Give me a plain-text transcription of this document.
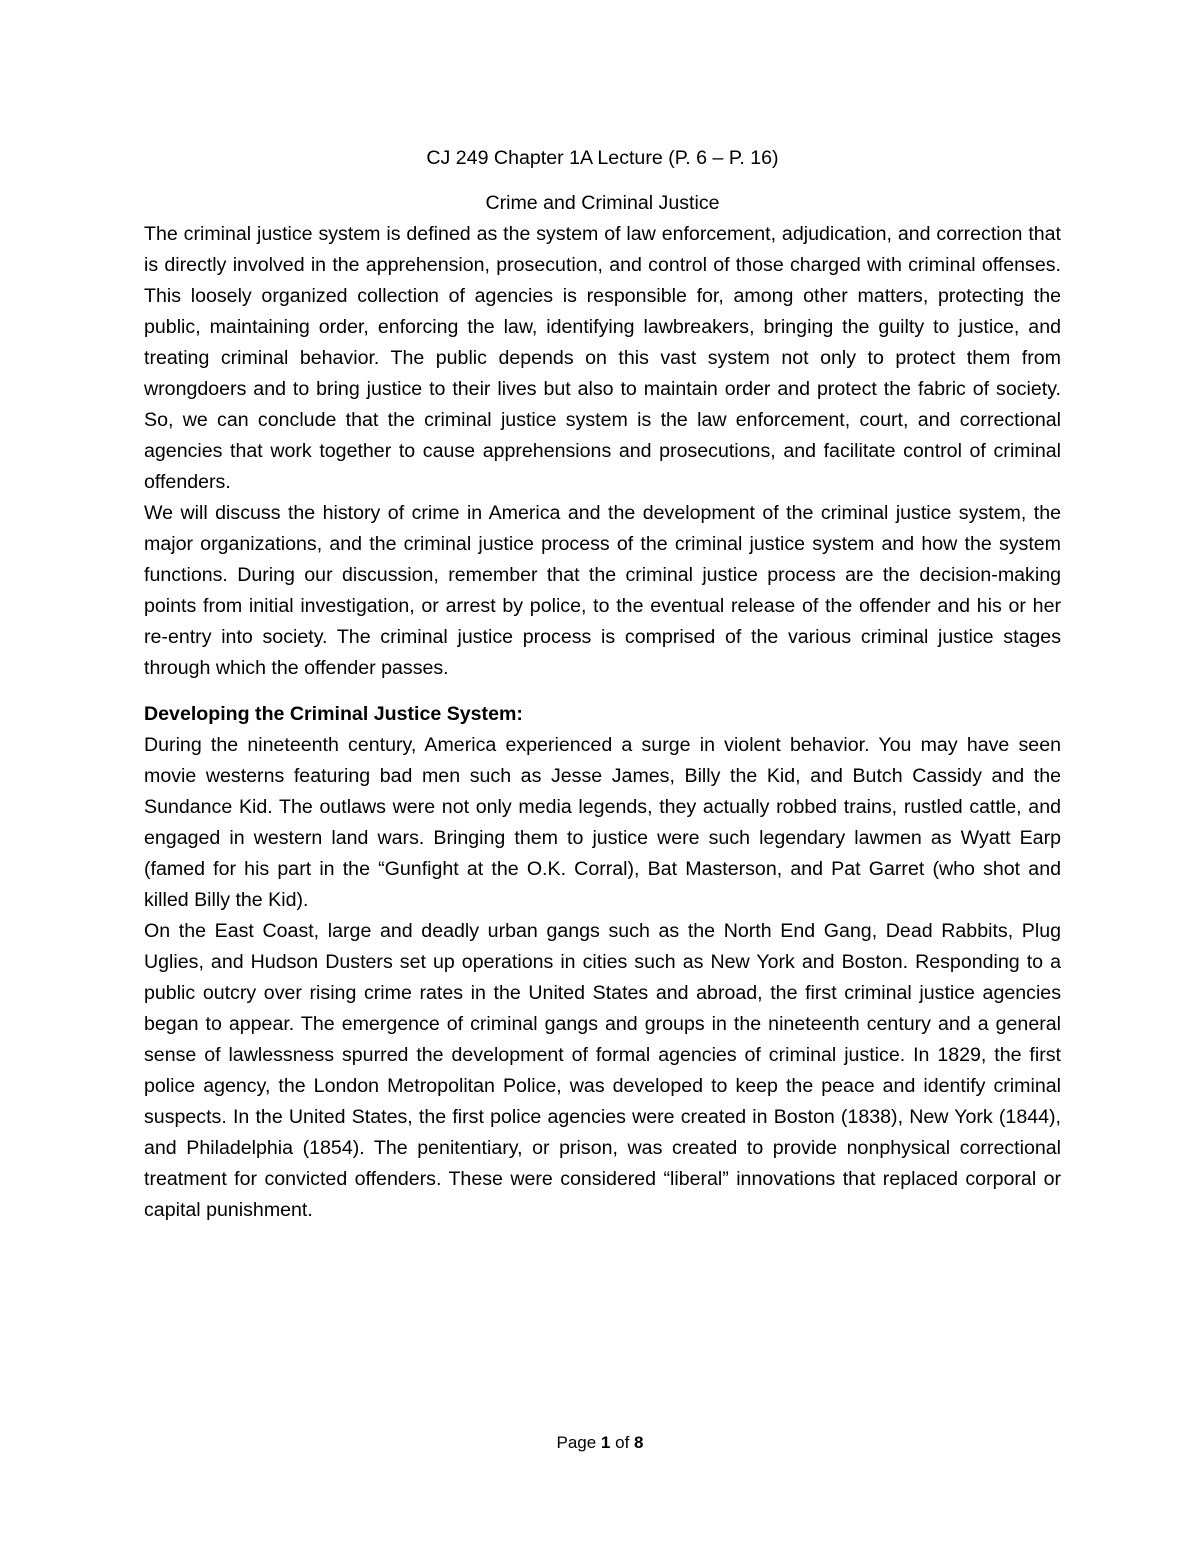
CJ 249 Chapter 1A Lecture (P. 6 – P. 16)
Crime and Criminal Justice

The criminal justice system is defined as the system of law enforcement, adjudication, and correction that is directly involved in the apprehension, prosecution, and control of those charged with criminal offenses. This loosely organized collection of agencies is responsible for, among other matters, protecting the public, maintaining order, enforcing the law, identifying lawbreakers, bringing the guilty to justice, and treating criminal behavior. The public depends on this vast system not only to protect them from wrongdoers and to bring justice to their lives but also to maintain order and protect the fabric of society. So, we can conclude that the criminal justice system is the law enforcement, court, and correctional agencies that work together to cause apprehensions and prosecutions, and facilitate control of criminal offenders.

We will discuss the history of crime in America and the development of the criminal justice system, the major organizations, and the criminal justice process of the criminal justice system and how the system functions. During our discussion, remember that the criminal justice process are the decision-making points from initial investigation, or arrest by police, to the eventual release of the offender and his or her re-entry into society. The criminal justice process is comprised of the various criminal justice stages through which the offender passes.

Developing the Criminal Justice System:

During the nineteenth century, America experienced a surge in violent behavior. You may have seen movie westerns featuring bad men such as Jesse James, Billy the Kid, and Butch Cassidy and the Sundance Kid. The outlaws were not only media legends, they actually robbed trains, rustled cattle, and engaged in western land wars. Bringing them to justice were such legendary lawmen as Wyatt Earp (famed for his part in the “Gunfight at the O.K. Corral), Bat Masterson, and Pat Garret (who shot and killed Billy the Kid).

On the East Coast, large and deadly urban gangs such as the North End Gang, Dead Rabbits, Plug Uglies, and Hudson Dusters set up operations in cities such as New York and Boston. Responding to a public outcry over rising crime rates in the United States and abroad, the first criminal justice agencies began to appear. The emergence of criminal gangs and groups in the nineteenth century and a general sense of lawlessness spurred the development of formal agencies of criminal justice. In 1829, the first police agency, the London Metropolitan Police, was developed to keep the peace and identify criminal suspects. In the United States, the first police agencies were created in Boston (1838), New York (1844), and Philadelphia (1854). The penitentiary, or prison, was created to provide nonphysical correctional treatment for convicted offenders. These were considered “liberal” innovations that replaced corporal or capital punishment.

Page 1 of 8
